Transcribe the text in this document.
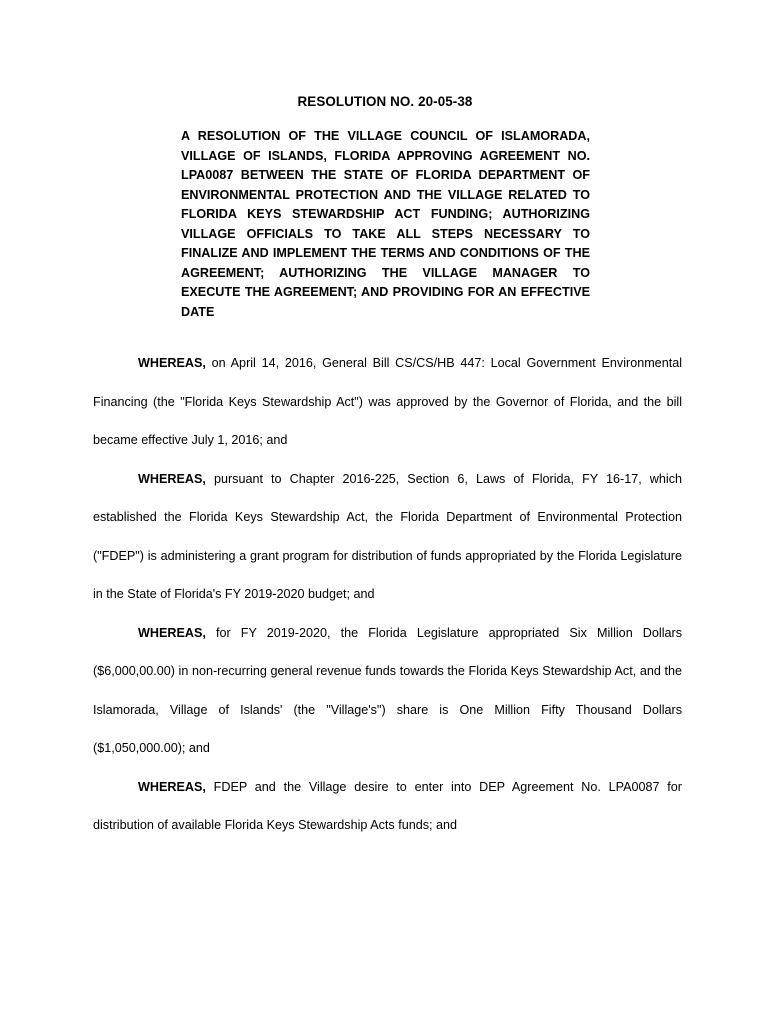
RESOLUTION NO. 20-05-38

A RESOLUTION OF THE VILLAGE COUNCIL OF ISLAMORADA, VILLAGE OF ISLANDS, FLORIDA APPROVING AGREEMENT NO. LPA0087 BETWEEN THE STATE OF FLORIDA DEPARTMENT OF ENVIRONMENTAL PROTECTION AND THE VILLAGE RELATED TO FLORIDA KEYS STEWARDSHIP ACT FUNDING; AUTHORIZING VILLAGE OFFICIALS TO TAKE ALL STEPS NECESSARY TO FINALIZE AND IMPLEMENT THE TERMS AND CONDITIONS OF THE AGREEMENT; AUTHORIZING THE VILLAGE MANAGER TO EXECUTE THE AGREEMENT; AND PROVIDING FOR AN EFFECTIVE DATE

WHEREAS, on April 14, 2016, General Bill CS/CS/HB 447: Local Government Environmental Financing (the "Florida Keys Stewardship Act") was approved by the Governor of Florida, and the bill became effective July 1, 2016; and

WHEREAS, pursuant to Chapter 2016-225, Section 6, Laws of Florida, FY 16-17, which established the Florida Keys Stewardship Act, the Florida Department of Environmental Protection ("FDEP") is administering a grant program for distribution of funds appropriated by the Florida Legislature in the State of Florida's FY 2019-2020 budget; and

WHEREAS, for FY 2019-2020, the Florida Legislature appropriated Six Million Dollars ($6,000,00.00) in non-recurring general revenue funds towards the Florida Keys Stewardship Act, and the Islamorada, Village of Islands' (the "Village's") share is One Million Fifty Thousand Dollars ($1,050,000.00); and

WHEREAS, FDEP and the Village desire to enter into DEP Agreement No. LPA0087 for distribution of available Florida Keys Stewardship Acts funds; and
